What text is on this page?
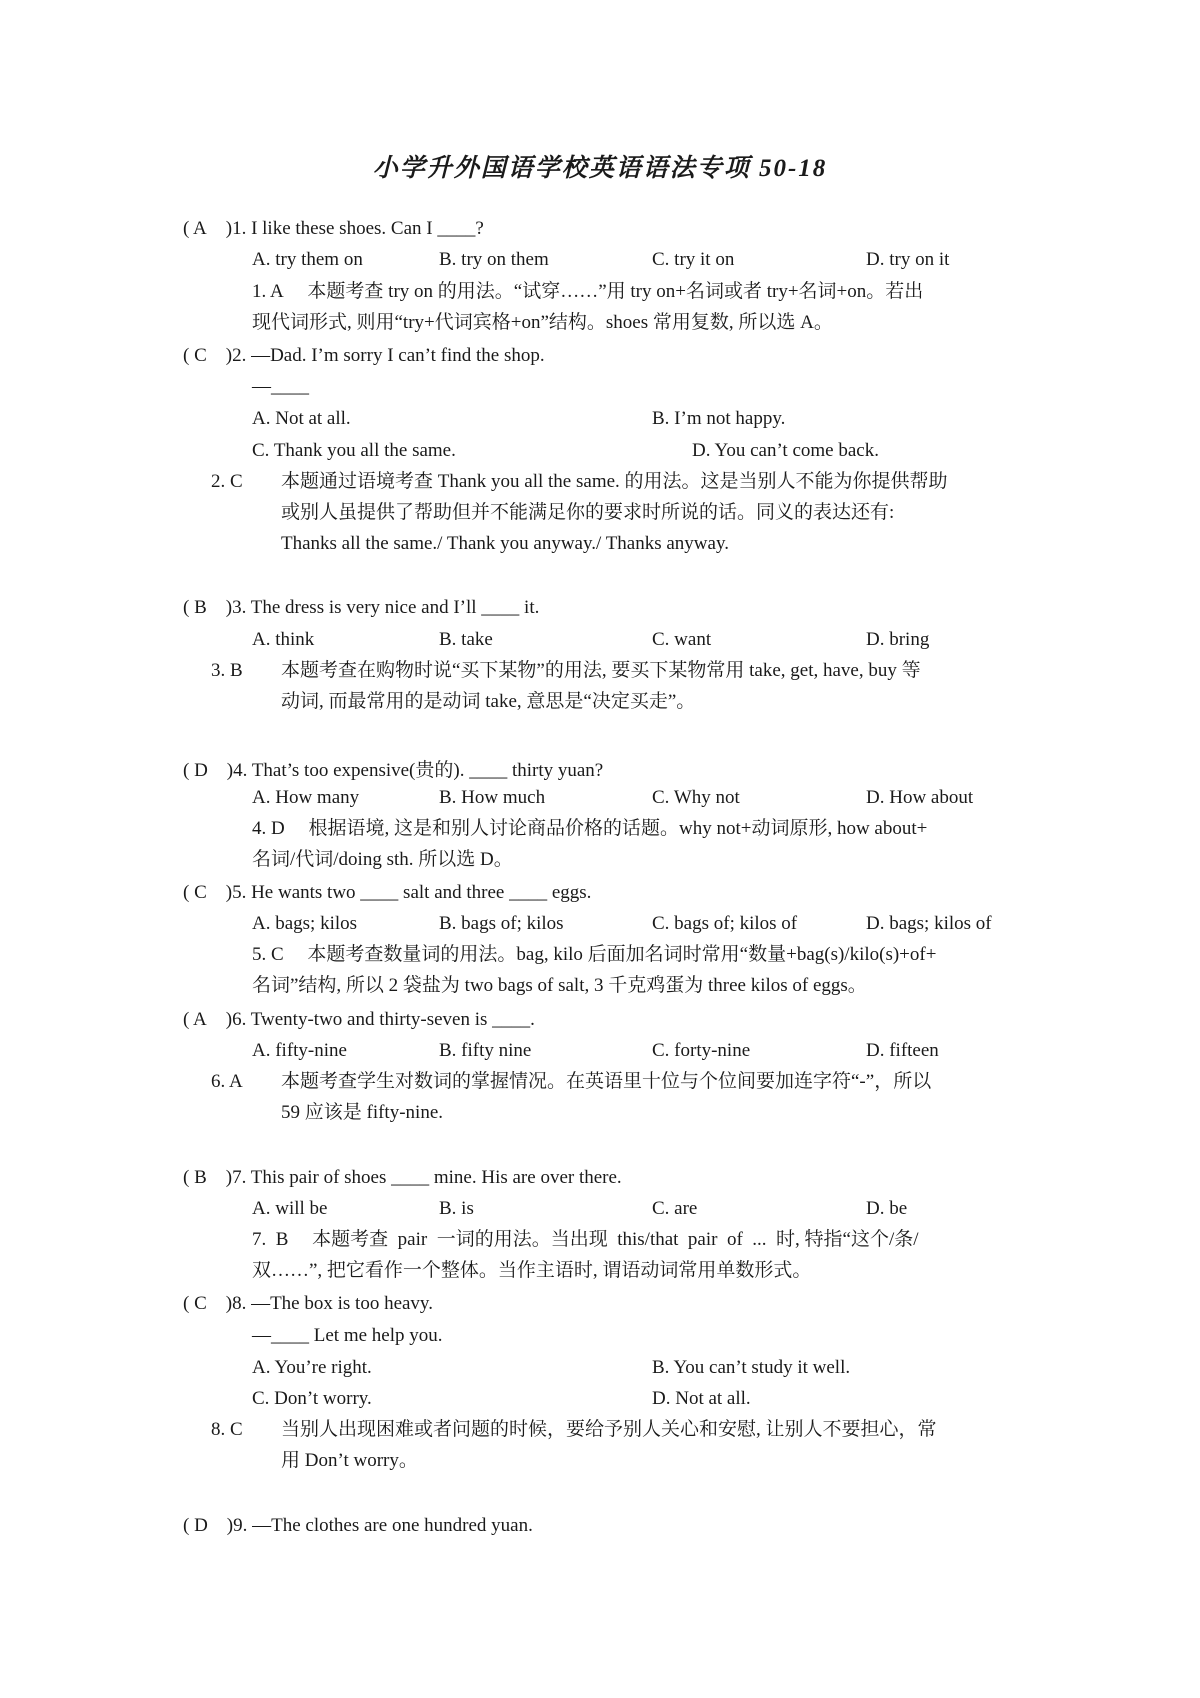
小学升外国语学校英语语法专项 50-18
( A    )1. I like these shoes. Can I ____?
A. try them on	B. try on them	C. try it on	D. try on it
1. A     本题考查 try on 的用法。“试穿……”用 try on+名词或者 try+名词+on。若出
现代词形式, 则用“try+代词宾格+on”结构。shoes 常用复数, 所以选 A。
( C    )2. —Dad. I’m sorry I can’t find the shop.
—____
A. Not at all.	B. I’m not happy.
C. Thank you all the same.	D. You can’t come back.
2. C 本题通过语境考查 Thank you all the same. 的用法。这是当别人不能为你提供帮助
或别人虽提供了帮助但并不能满足你的要求时所说的话。同义的表达还有:
Thanks all the same./ Thank you anyway./ Thanks anyway.
( B    )3. The dress is very nice and I’ll ____ it.
A. think	B. take	C. want	D. bring
3. B 本题考查在购物时说“买下某物”的用法, 要买下某物常用 take, get, have, buy 等
动词, 而最常用的是动词 take, 意思是“决定买走”。
( D    )4. That’s too expensive(贵的). ____ thirty yuan?
A. How many	B. How much	C. Why not	D. How about
4. D     根据语境, 这是和别人讨论商品价格的话题。why not+动词原形, how about+
名词/代词/doing sth. 所以选 D。
( C    )5. He wants two ____ salt and three ____ eggs.
A. bags; kilos	B. bags of; kilos	C. bags of; kilos of	D. bags; kilos of
5. C     本题考查数量词的用法。bag, kilo 后面加名词时常用“数量+bag(s)/kilo(s)+of+
名词”结构, 所以 2 袋盐为 two bags of salt, 3 千克鸡蛋为 three kilos of eggs。
( A    )6. Twenty-two and thirty-seven is ____.
A. fifty-nine	B. fifty nine	C. forty-nine	D. fifteen
6. A 本题考查学生对数词的掌握情况。在英语里十位与个位间要加连字符“-”，所以
59 应该是 fifty-nine.
( B    )7. This pair of shoes ____ mine. His are over there.
A. will be	B. is	C. are	D. be
7.  B     本题考查  pair  一词的用法。当出现  this/that  pair  of  ...  时, 特指“这个/条/
双……”, 把它看作一个整体。当作主语时, 谓语动词常用单数形式。
( C    )8. —The box is too heavy.
—____ Let me help you.
A. You’re right.	B. You can’t study it well.
C. Don’t worry.	D. Not at all.
8. C 当别人出现困难或者问题的时候，要给予别人关心和安慰, 让别人不要担心，常
用 Don’t worry。
( D    )9. —The clothes are one hundred yuan.
